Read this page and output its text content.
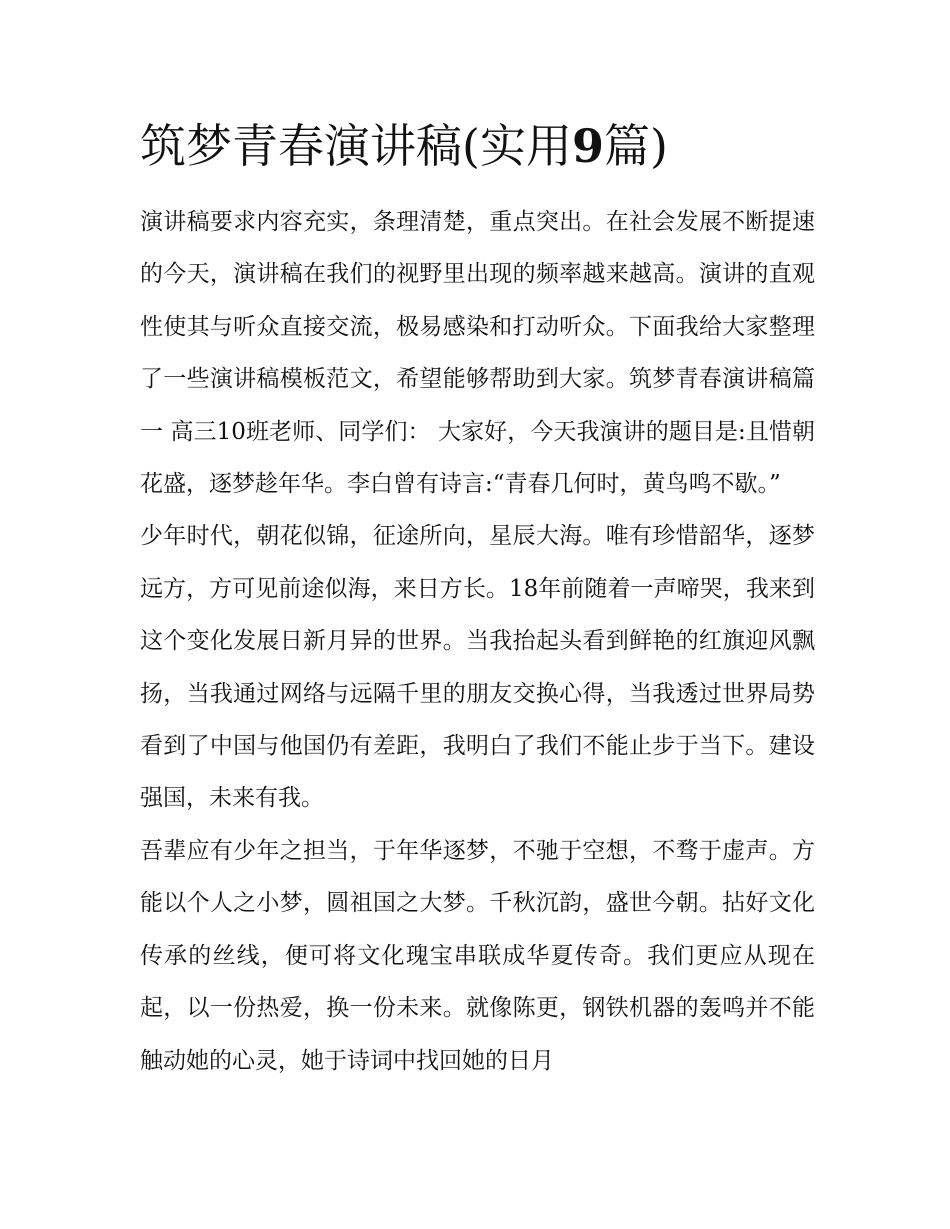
筑梦青春演讲稿(实用9篇)

演讲稿要求内容充实，条理清楚，重点突出。在社会发展不断提速的今天，演讲稿在我们的视野里出现的频率越来越高。演讲的直观性使其与听众直接交流，极易感染和打动听众。下面我给大家整理了一些演讲稿模板范文，希望能够帮助到大家。筑梦青春演讲稿篇一 高三10班老师、同学们： 大家好，今天我演讲的题目是:且惜朝花盛，逐梦趁年华。李白曾有诗言:“青春几何时，黄鸟鸣不歇。”

少年时代，朝花似锦，征途所向，星辰大海。唯有珍惜韶华，逐梦远方，方可见前途似海，来日方长。18年前随着一声啼哭，我来到这个变化发展日新月异的世界。当我抬起头看到鲜艳的红旗迎风飘扬，当我通过网络与远隔千里的朋友交换心得，当我透过世界局势看到了中国与他国仍有差距，我明白了我们不能止步于当下。建设强国，未来有我。

吾辈应有少年之担当，于年华逐梦，不驰于空想，不骛于虚声。方能以个人之小梦，圆祖国之大梦。千秋沉韵，盛世今朝。拈好文化传承的丝线，便可将文化瑰宝串联成华夏传奇。我们更应从现在起，以一份热爱，换一份未来。就像陈更，钢铁机器的轰鸣并不能触动她的心灵，她于诗词中找回她的日月
